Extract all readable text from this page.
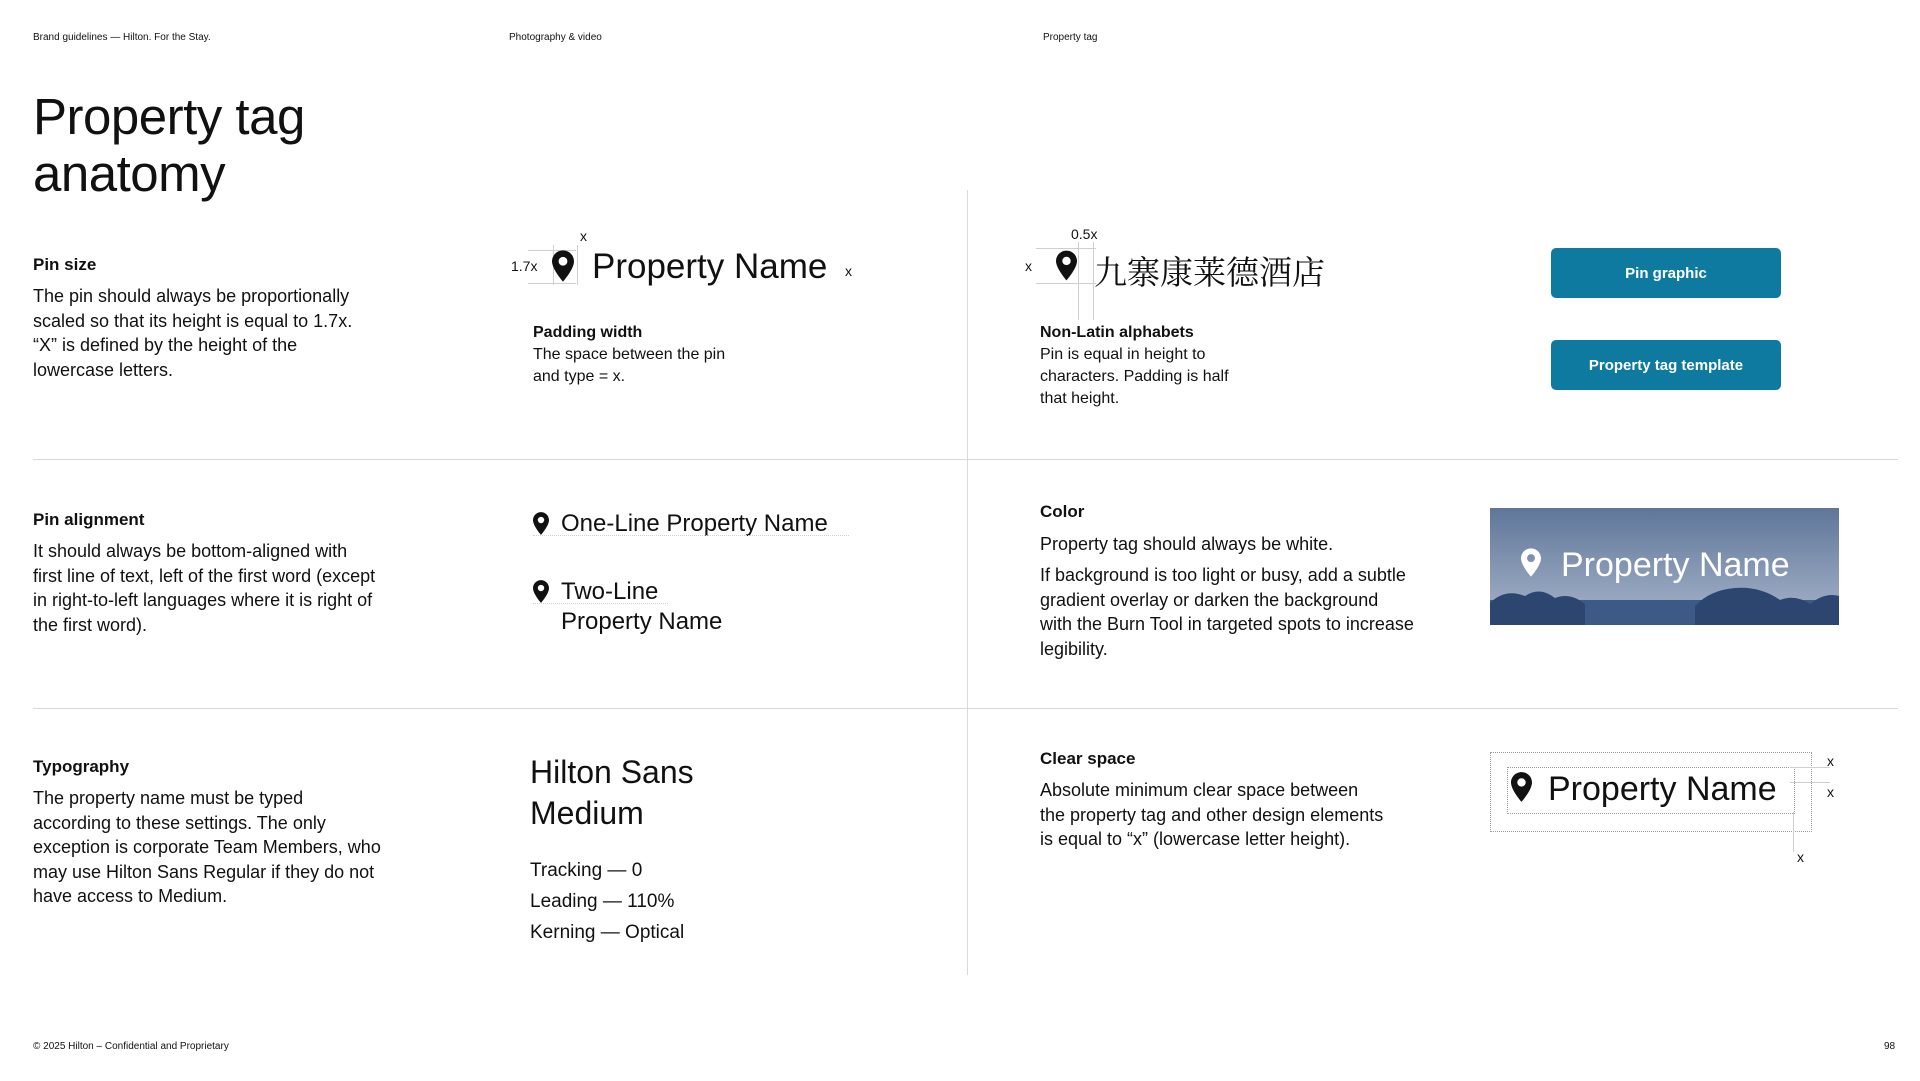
Brand guidelines — Hilton. For the Stay.	Photography & video	Property tag
Property tag anatomy
Pin size
The pin should always be proportionally scaled so that its height is equal to 1.7x. “X” is defined by the height of the lowercase letters.
x
1.7x Property Name x
Padding width
The space between the pin and type = x.
0.5x
x 九寨康莱德酒店
Non-Latin alphabets
Pin is equal in height to characters. Padding is half that height.
Pin graphic
Property tag template
Pin alignment
It should always be bottom-aligned with first line of text, left of the first word (except in right-to-left languages where it is right of the first word).
One-Line Property Name
Two-Line
Property Name
Color
Property tag should always be white.
If background is too light or busy, add a subtle gradient overlay or darken the background with the Burn Tool in targeted spots to increase legibility.
Property Name
Typography
The property name must be typed according to these settings. The only exception is corporate Team Members, who may use Hilton Sans Regular if they do not have access to Medium.
Hilton Sans Medium
Tracking — 0
Leading — 110%
Kerning — Optical
Clear space
Absolute minimum clear space between the property tag and other design elements is equal to “x” (lowercase letter height).
Property Name
x
x
x
© 2025 Hilton – Confidential and Proprietary	98
